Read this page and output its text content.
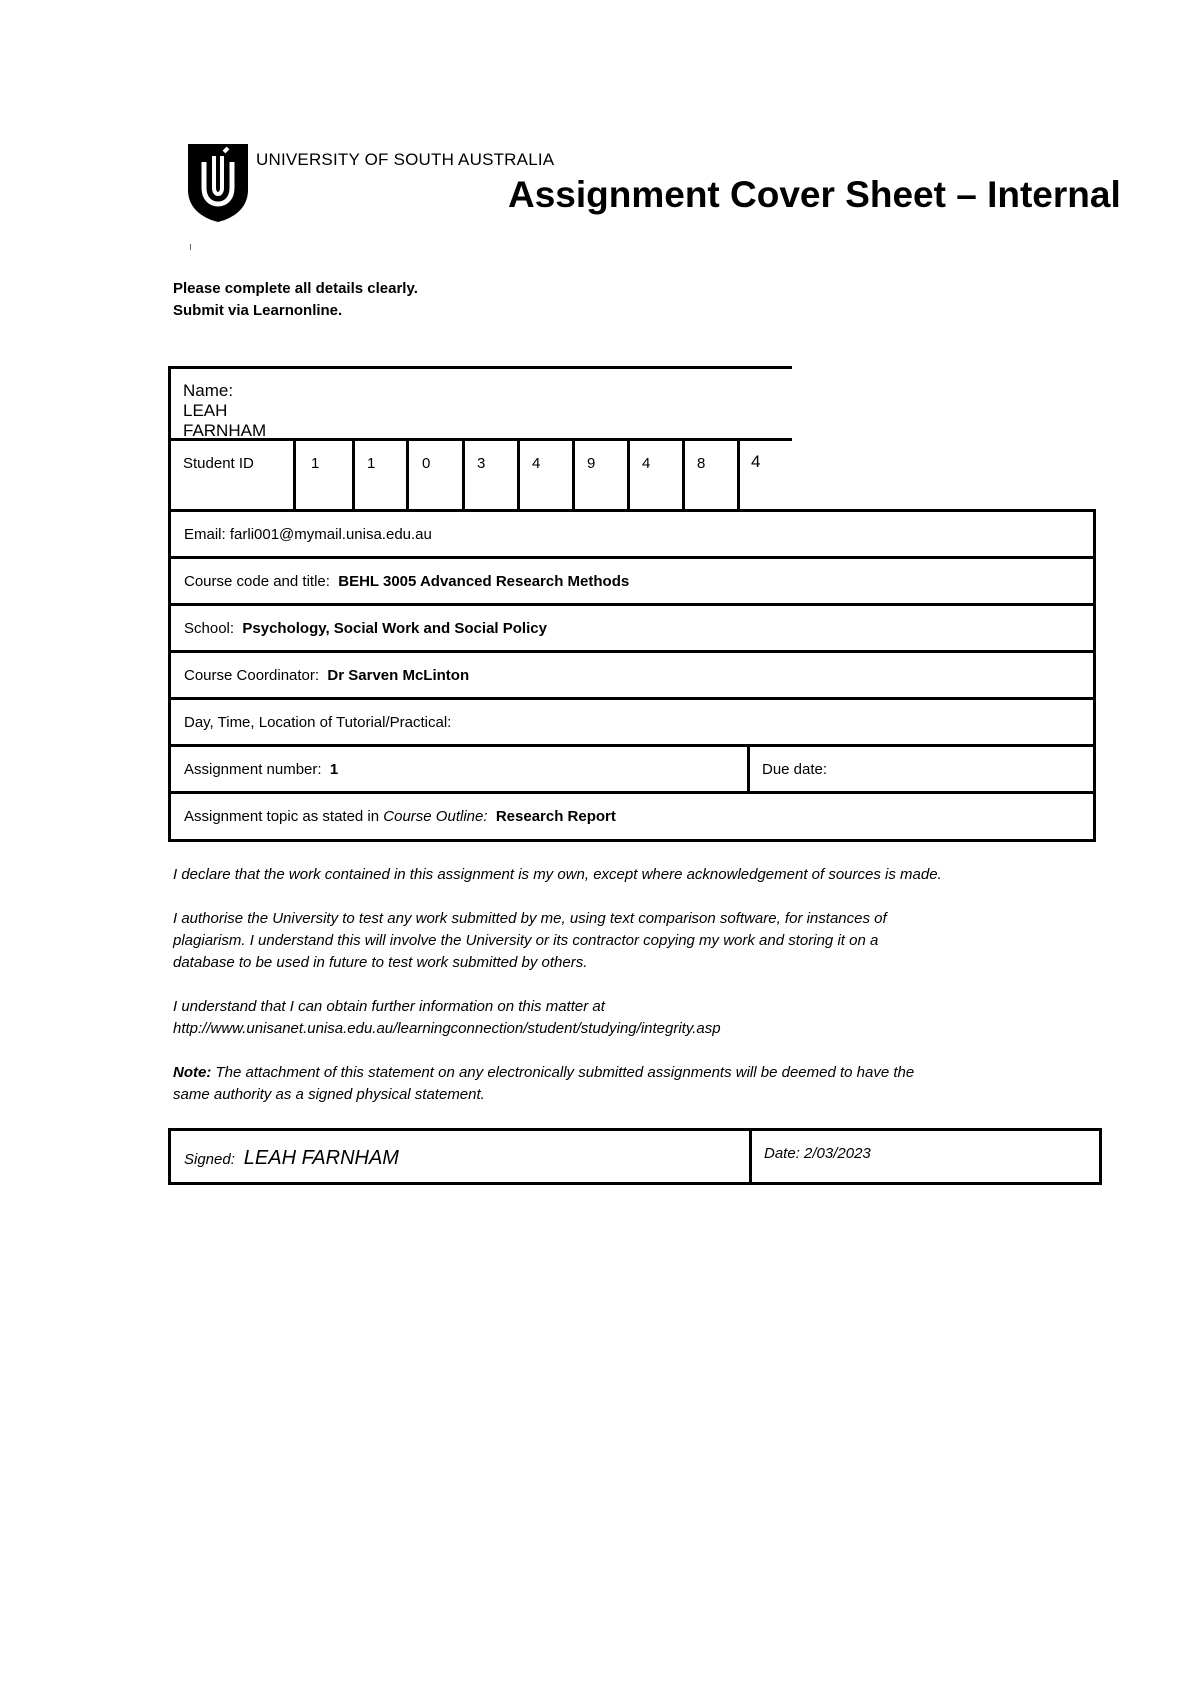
UNIVERSITY OF SOUTH AUSTRALIA
Assignment Cover Sheet – Internal
Please complete all details clearly.
Submit via Learnonline.
Name: LEAH FARNHAM
Student ID	1	1	0	3	4	9	4	8	4
Email: farli001@mymail.unisa.edu.au
Course code and title: BEHL 3005 Advanced Research Methods
School: Psychology, Social Work and Social Policy
Course Coordinator: Dr Sarven McLinton
Day, Time, Location of Tutorial/Practical:
Assignment number: 1	Due date:
Assignment topic as stated in Course Outline: Research Report
I declare that the work contained in this assignment is my own, except where acknowledgement of sources is made.
I authorise the University to test any work submitted by me, using text comparison software, for instances of
plagiarism. I understand this will involve the University or its contractor copying my work and storing it on a
database to be used in future to test work submitted by others.
I understand that I can obtain further information on this matter at
http://www.unisanet.unisa.edu.au/learningconnection/student/studying/integrity.asp
Note: The attachment of this statement on any electronically submitted assignments will be deemed to have the
same authority as a signed physical statement.
Signed: LEAH FARNHAM	Date: 2/03/2023
